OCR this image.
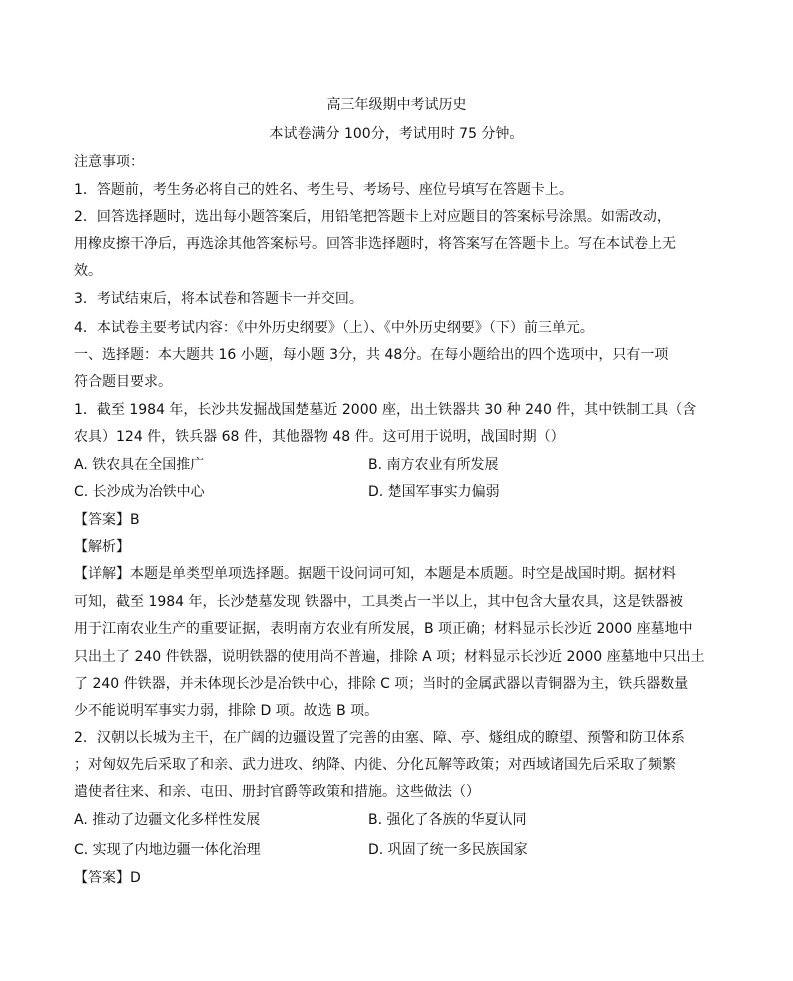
高三年级期中考试历史
本试卷满分 100分，考试用时 75 分钟。
注意事项：
1．答题前，考生务必将自己的姓名、考生号、考场号、座位号填写在答题卡上。
2．回答选择题时，选出每小题答案后，用铅笔把答题卡上对应题目的答案标号涂黑。如需改动，
用橡皮擦干净后，再选涂其他答案标号。回答非选择题时，将答案写在答题卡上。写在本试卷上无
效。
3．考试结束后，将本试卷和答题卡一并交回。
4．本试卷主要考试内容：《中外历史纲要》（上）、《中外历史纲要》（下）前三单元。
一、选择题：本大题共 16 小题，每小题 3分，共 48分。在每小题给出的四个选项中，只有一项
符合题目要求。
1．截至 1984 年，长沙共发掘战国楚墓近 2000 座，出土铁器共 30 种 240 件，其中铁制工具（含
农具）124 件，铁兵器 68 件，其他器物 48 件。这可用于说明，战国时期（）
A. 铁农具在全国推广	B. 南方农业有所发展
C. 长沙成为冶铁中心	D. 楚国军事实力偏弱
【答案】B
【解析】
【详解】本题是单类型单项选择题。据题干设问词可知，本题是本质题。时空是战国时期。据材料
可知，截至 1984 年，长沙楚墓发现 铁器中，工具类占一半以上，其中包含大量农具，这是铁器被
用于江南农业生产的重要证据，表明南方农业有所发展，B 项正确；材料显示长沙近 2000 座墓地中
只出土了 240 件铁器，说明铁器的使用尚不普遍，排除 A 项；材料显示长沙近 2000 座墓地中只出土
了 240 件铁器，并未体现长沙是冶铁中心，排除 C 项；当时的金属武器以青铜器为主，铁兵器数量
少不能说明军事实力弱，排除 D 项。故选 B 项。
2．汉朝以长城为主干，在广阔的边疆设置了完善的由塞、障、亭、燧组成的瞭望、预警和防卫体系
；对匈奴先后采取了和亲、武力进攻、纳降、内徙、分化瓦解等政策；对西域诸国先后采取了频繁
遣使者往来、和亲、屯田、册封官爵等政策和措施。这些做法（）
A. 推动了边疆文化多样性发展	B. 强化了各族的华夏认同
C. 实现了内地边疆一体化治理	D. 巩固了统一多民族国家
【答案】D
